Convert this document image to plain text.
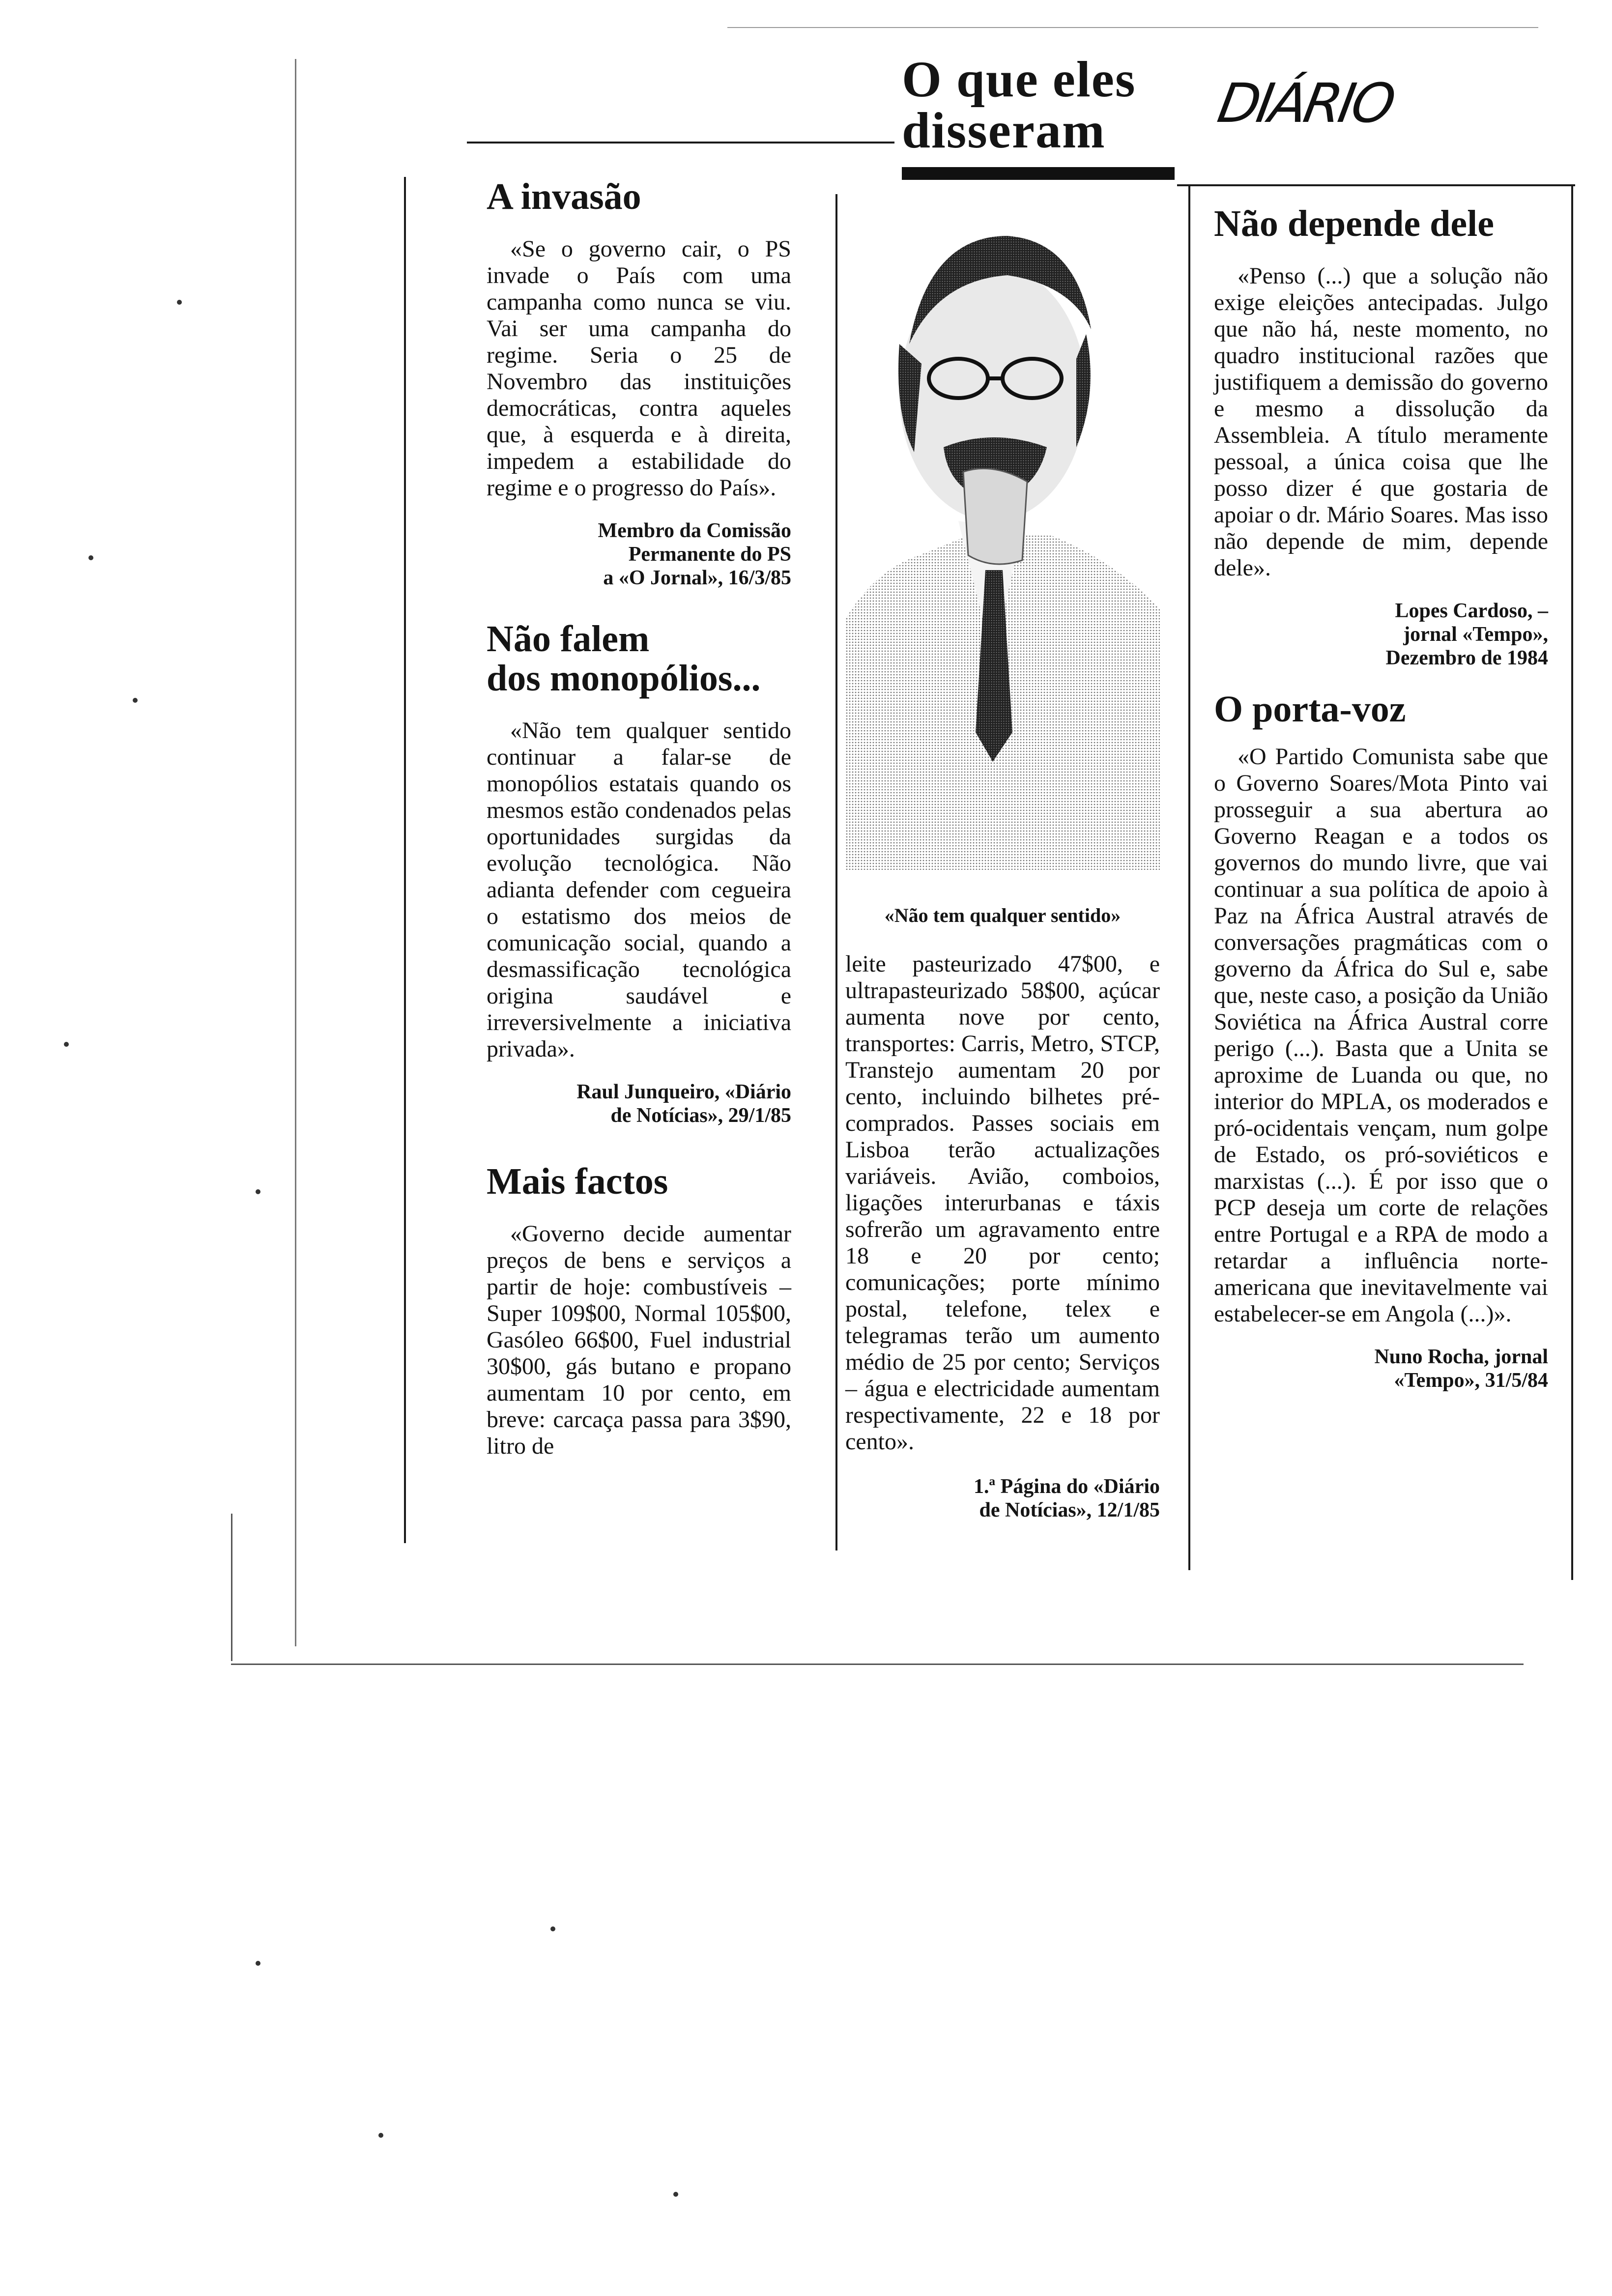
O que eles
disseram	DIÁRIO
A invasão

«Se o governo cair, o PS invade o País com uma campanha como nunca se viu. Vai ser uma campanha do regime. Seria o 25 de Novembro das instituições democráticas, contra aqueles que, à esquerda e à direita, impedem a estabilidade do regime e o progresso do País».

Membro da Comissão
Permanente do PS
a «O Jornal», 16/3/85
Não falem
dos monopólios...

«Não tem qualquer sentido continuar a falar-se de monopólios estatais quando os mesmos estão condenados pelas oportunidades surgidas da evolução tecnológica. Não adianta defender com cegueira o estatismo dos meios de comunicação social, quando a desmassificação tecnológica origina saudável e irreversivelmente a iniciativa privada».

Raul Junqueiro, «Diário
de Notícias», 29/1/85
Mais factos

«Governo decide aumentar preços de bens e serviços a partir de hoje: combustíveis – Super 109$00, Normal 105$00, Gasóleo 66$00, Fuel industrial 30$00, gás butano e propano aumentam 10 por cento, em breve: carcaça passa para 3$90, litro de

«Não tem qualquer sentido»

leite pasteurizado 47$00, e ultrapasteurizado 58$00, açúcar aumenta nove por cento, transportes: Carris, Metro, STCP, Transtejo aumentam 20 por cento, incluindo bilhetes pré-comprados. Passes sociais em Lisboa terão actualizações variáveis. Avião, comboios, ligações interurbanas e táxis sofrerão um agravamento entre 18 e 20 por cento; comunicações; porte mínimo postal, telefone, telex e telegramas terão um aumento médio de 25 por cento; Serviços – água e electricidade aumentam respectivamente, 22 e 18 por cento».

1.ª Página do «Diário
de Notícias», 12/1/85
Não depende dele

«Penso (...) que a solução não exige eleições antecipadas. Julgo que não há, neste momento, no quadro institucional razões que justifiquem a demissão do governo e mesmo a dissolução da Assembleia. A título meramente pessoal, a única coisa que lhe posso dizer é que gostaria de apoiar o dr. Mário Soares. Mas isso não depende de mim, depende dele».

Lopes Cardoso, –
jornal «Tempo»,
Dezembro de 1984
O porta-voz

«O Partido Comunista sabe que o Governo Soares/Mota Pinto vai prosseguir a sua abertura ao Governo Reagan e a todos os governos do mundo livre, que vai continuar a sua política de apoio à Paz na África Austral através de conversações pragmáticas com o governo da África do Sul e, sabe que, neste caso, a posição da União Soviética na África Austral corre perigo (...). Basta que a Unita se aproxime de Luanda ou que, no interior do MPLA, os moderados e pró-ocidentais vençam, num golpe de Estado, os pró-soviéticos e marxistas (...). É por isso que o PCP deseja um corte de relações entre Portugal e a RPA de modo a retardar a influência norte-americana que inevitavelmente vai estabelecer-se em Angola (...)».

Nuno Rocha, jornal
«Tempo», 31/5/84
